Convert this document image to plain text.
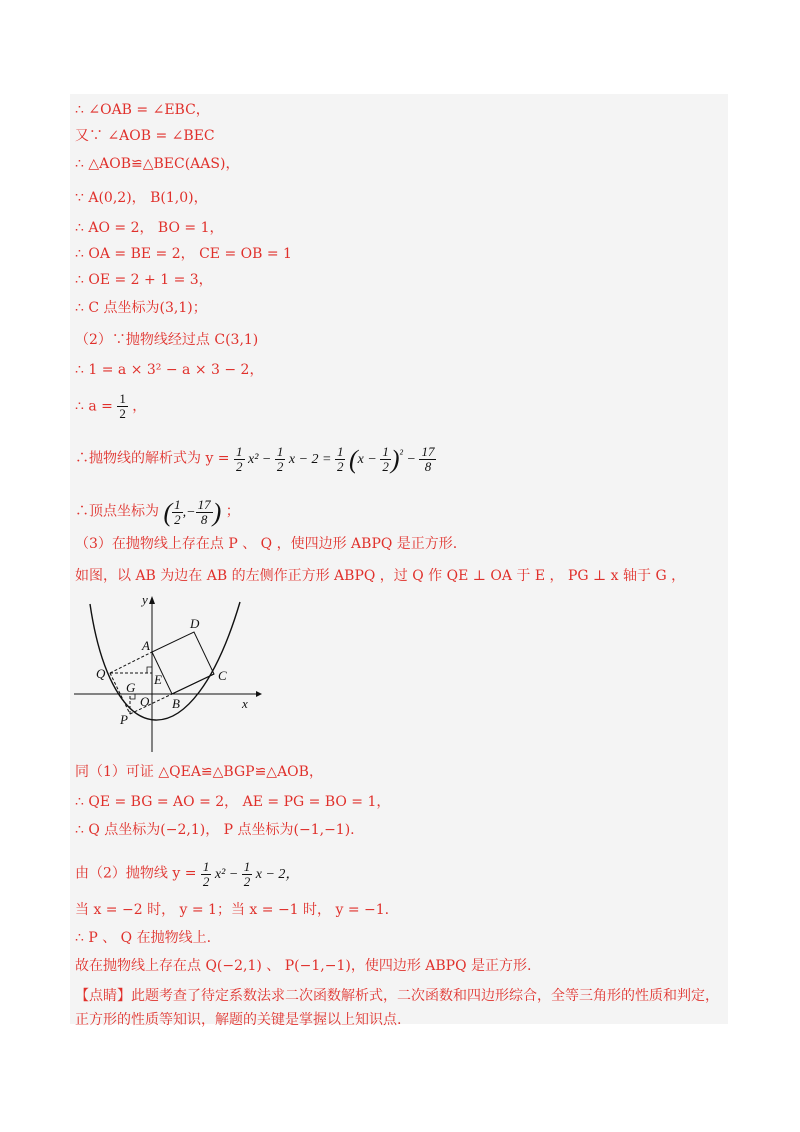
∴ ∠OAB = ∠EBC，
又∵ ∠AOB = ∠BEC
∴ △AOB≌△BEC(AAS)，
∵ A(0,2)， B(1,0)，
∴ AO = 2， BO = 1，
∴ OA = BE = 2， CE = OB = 1
∴ OE = 2 + 1 = 3，
∴ C 点坐标为(3,1)；
（2）∵抛物线经过点 C(3,1)
∴ 1 = a × 3² − a × 3 − 2，
（3）在抛物线上存在点 P 、 Q ，使四边形 ABPQ 是正方形.
如图，以 AB 为边在 AB 的左侧作正方形 ABPQ ，过 Q 作 QE ⊥ OA 于 E ， PG ⊥ x 轴于 G ，
同（1）可证 △QEA≌△BGP≌△AOB，
∴ QE = BG = AO = 2， AE = PG = BO = 1，
∴ Q 点坐标为(−2,1)， P 点坐标为(−1,−1).
当 x = −2 时， y = 1；当 x = −1 时， y = −1.
∴ P 、 Q 在抛物线上.
故在抛物线上存在点 Q(−2,1) 、 P(−1,−1)，使四边形 ABPQ 是正方形.
【点睛】此题考查了待定系数法求二次函数解析式，二次函数和四边形综合，全等三角形的性质和判定，
正方形的性质等知识，解题的关键是掌握以上知识点.
∴ $a = \frac{1}{2}$ ，
∴抛物线的解析式为 $y = \frac{1}{2} x^2 - \frac{1}{2}$ $x - 2 = \frac{1}{2} (x - \frac{1}{2} )^{^2} - \frac{17}{8}$
∴顶点坐标为 ( $\frac{1}{2}$ ,− $\frac{17}{8}$ ) ；
由（2）抛物线 $y = \frac{1}{2} x^2 - \frac{1}{2}$ x − 2，
y
x
A
B
C
D
E
G
O
P
Q
